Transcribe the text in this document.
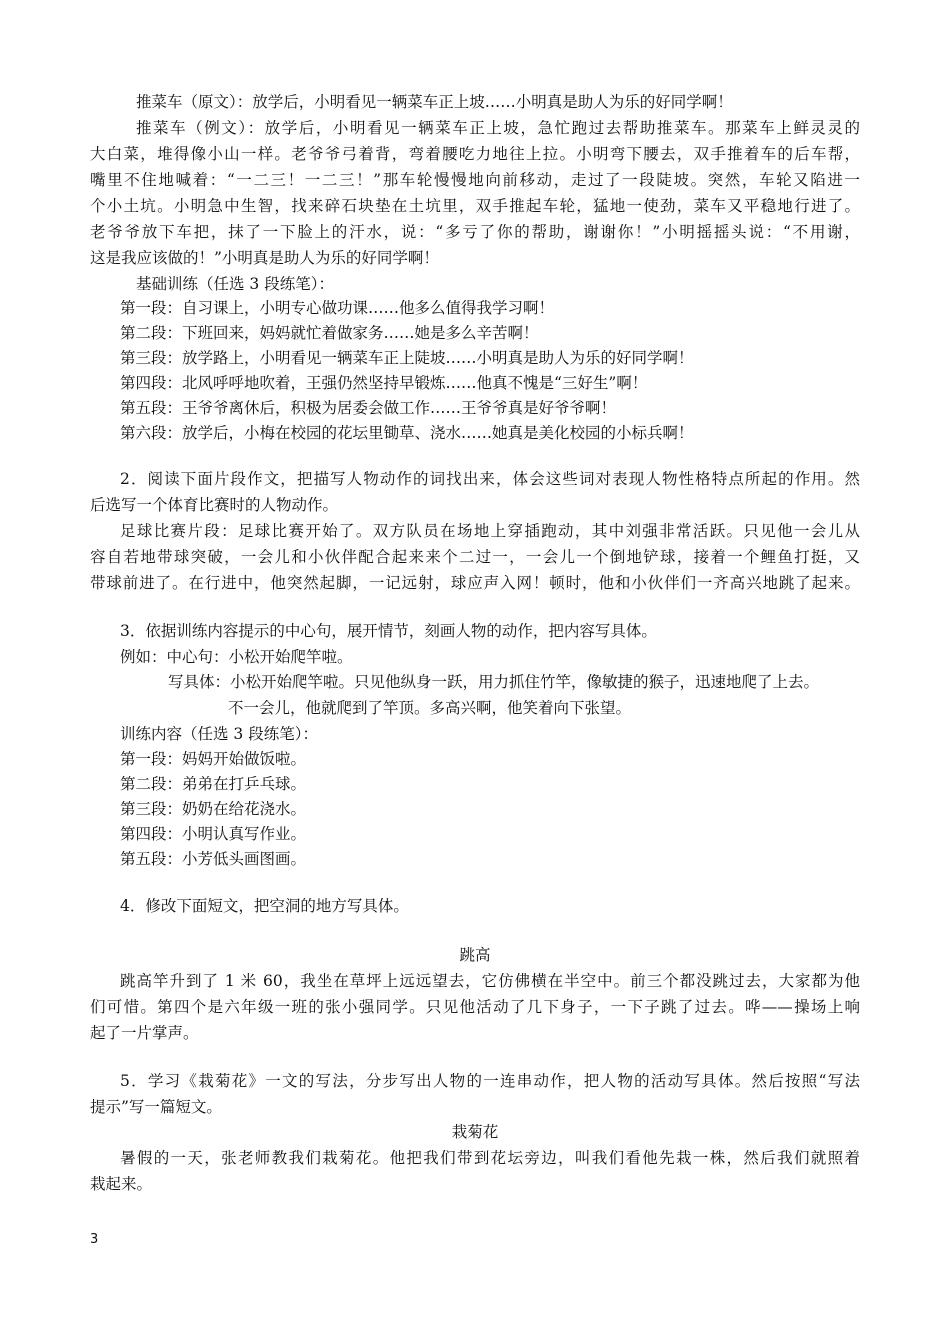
推菜车（原文）：放学后，小明看见一辆菜车正上坡……小明真是助人为乐的好同学啊！
推菜车（例文）：放学后，小明看见一辆菜车正上坡，急忙跑过去帮助推菜车。那菜车上鲜灵灵的
大白菜，堆得像小山一样。老爷爷弓着背，弯着腰吃力地往上拉。小明弯下腰去，双手推着车的后车帮，
嘴里不住地喊着：“一二三！一二三！”那车轮慢慢地向前移动，走过了一段陡坡。突然，车轮又陷进一
个小土坑。小明急中生智，找来碎石块垫在土坑里，双手推起车轮，猛地一使劲，菜车又平稳地行进了。
老爷爷放下车把，抹了一下脸上的汗水，说：“多亏了你的帮助，谢谢你！”小明摇摇头说：“不用谢，
这是我应该做的！”小明真是助人为乐的好同学啊！
基础训练（任选 3 段练笔）：
第一段：自习课上，小明专心做功课……他多么值得我学习啊！
第二段：下班回来，妈妈就忙着做家务……她是多么辛苦啊！
第三段：放学路上，小明看见一辆菜车正上陡坡……小明真是助人为乐的好同学啊！
第四段：北风呼呼地吹着，王强仍然坚持早锻炼……他真不愧是“三好生”啊！
第五段：王爷爷离休后，积极为居委会做工作……王爷爷真是好爷爷啊！
第六段：放学后，小梅在校园的花坛里锄草、浇水……她真是美化校园的小标兵啊！
2．阅读下面片段作文，把描写人物动作的词找出来，体会这些词对表现人物性格特点所起的作用。然
后选写一个体育比赛时的人物动作。
足球比赛片段：足球比赛开始了。双方队员在场地上穿插跑动，其中刘强非常活跃。只见他一会儿从
容自若地带球突破，一会儿和小伙伴配合起来来个二过一，一会儿一个倒地铲球，接着一个鲤鱼打挺，又
带球前进了。在行进中，他突然起脚，一记远射，球应声入网！顿时，他和小伙伴们一齐高兴地跳了起来。
3．依据训练内容提示的中心句，展开情节，刻画人物的动作，把内容写具体。
例如：中心句：小松开始爬竿啦。
写具体：小松开始爬竿啦。只见他纵身一跃，用力抓住竹竿，像敏捷的猴子，迅速地爬了上去。
不一会儿，他就爬到了竿顶。多高兴啊，他笑着向下张望。
训练内容（任选 3 段练笔）：
第一段：妈妈开始做饭啦。
第二段：弟弟在打乒乓球。
第三段：奶奶在给花浇水。
第四段：小明认真写作业。
第五段：小芳低头画图画。
4．修改下面短文，把空洞的地方写具体。
跳高
跳高竿升到了 1 米 60，我坐在草坪上远远望去，它仿佛横在半空中。前三个都没跳过去，大家都为他
们可惜。第四个是六年级一班的张小强同学。只见他活动了几下身子，一下子跳了过去。哗——操场上响
起了一片掌声。
5．学习《栽菊花》一文的写法，分步写出人物的一连串动作，把人物的活动写具体。然后按照“写法
提示”写一篇短文。
栽菊花
暑假的一天，张老师教我们栽菊花。他把我们带到花坛旁边，叫我们看他先栽一株，然后我们就照着
栽起来。
3
